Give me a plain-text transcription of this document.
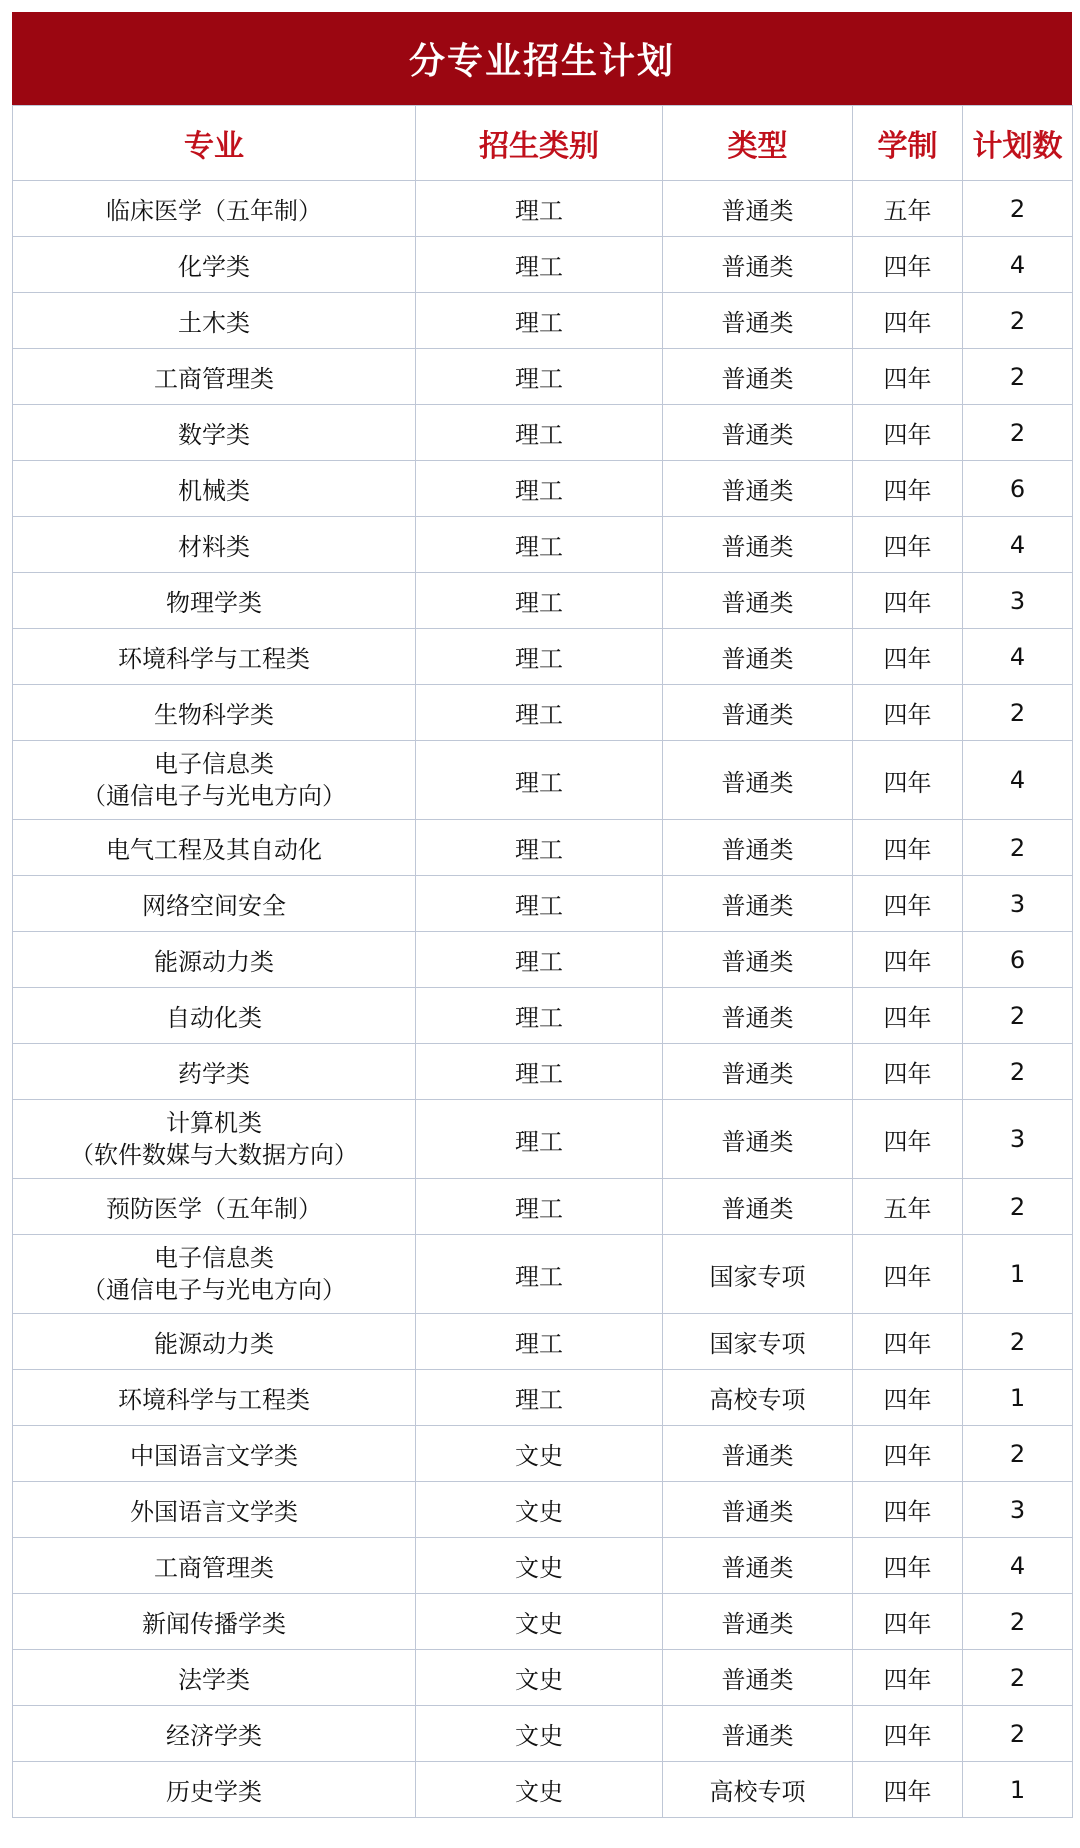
分专业招生计划
专业	招生类别	类型	学制	计划数
临床医学（五年制）	理工	普通类	五年	2
化学类	理工	普通类	四年	4
土木类	理工	普通类	四年	2
工商管理类	理工	普通类	四年	2
数学类	理工	普通类	四年	2
机械类	理工	普通类	四年	6
材料类	理工	普通类	四年	4
物理学类	理工	普通类	四年	3
环境科学与工程类	理工	普通类	四年	4
生物科学类	理工	普通类	四年	2
电子信息类
（通信电子与光电方向）	理工	普通类	四年	4
电气工程及其自动化	理工	普通类	四年	2
网络空间安全	理工	普通类	四年	3
能源动力类	理工	普通类	四年	6
自动化类	理工	普通类	四年	2
药学类	理工	普通类	四年	2
计算机类
（软件数媒与大数据方向）	理工	普通类	四年	3
预防医学（五年制）	理工	普通类	五年	2
电子信息类
（通信电子与光电方向）	理工	国家专项	四年	1
能源动力类	理工	国家专项	四年	2
环境科学与工程类	理工	高校专项	四年	1
中国语言文学类	文史	普通类	四年	2
外国语言文学类	文史	普通类	四年	3
工商管理类	文史	普通类	四年	4
新闻传播学类	文史	普通类	四年	2
法学类	文史	普通类	四年	2
经济学类	文史	普通类	四年	2
历史学类	文史	高校专项	四年	1
